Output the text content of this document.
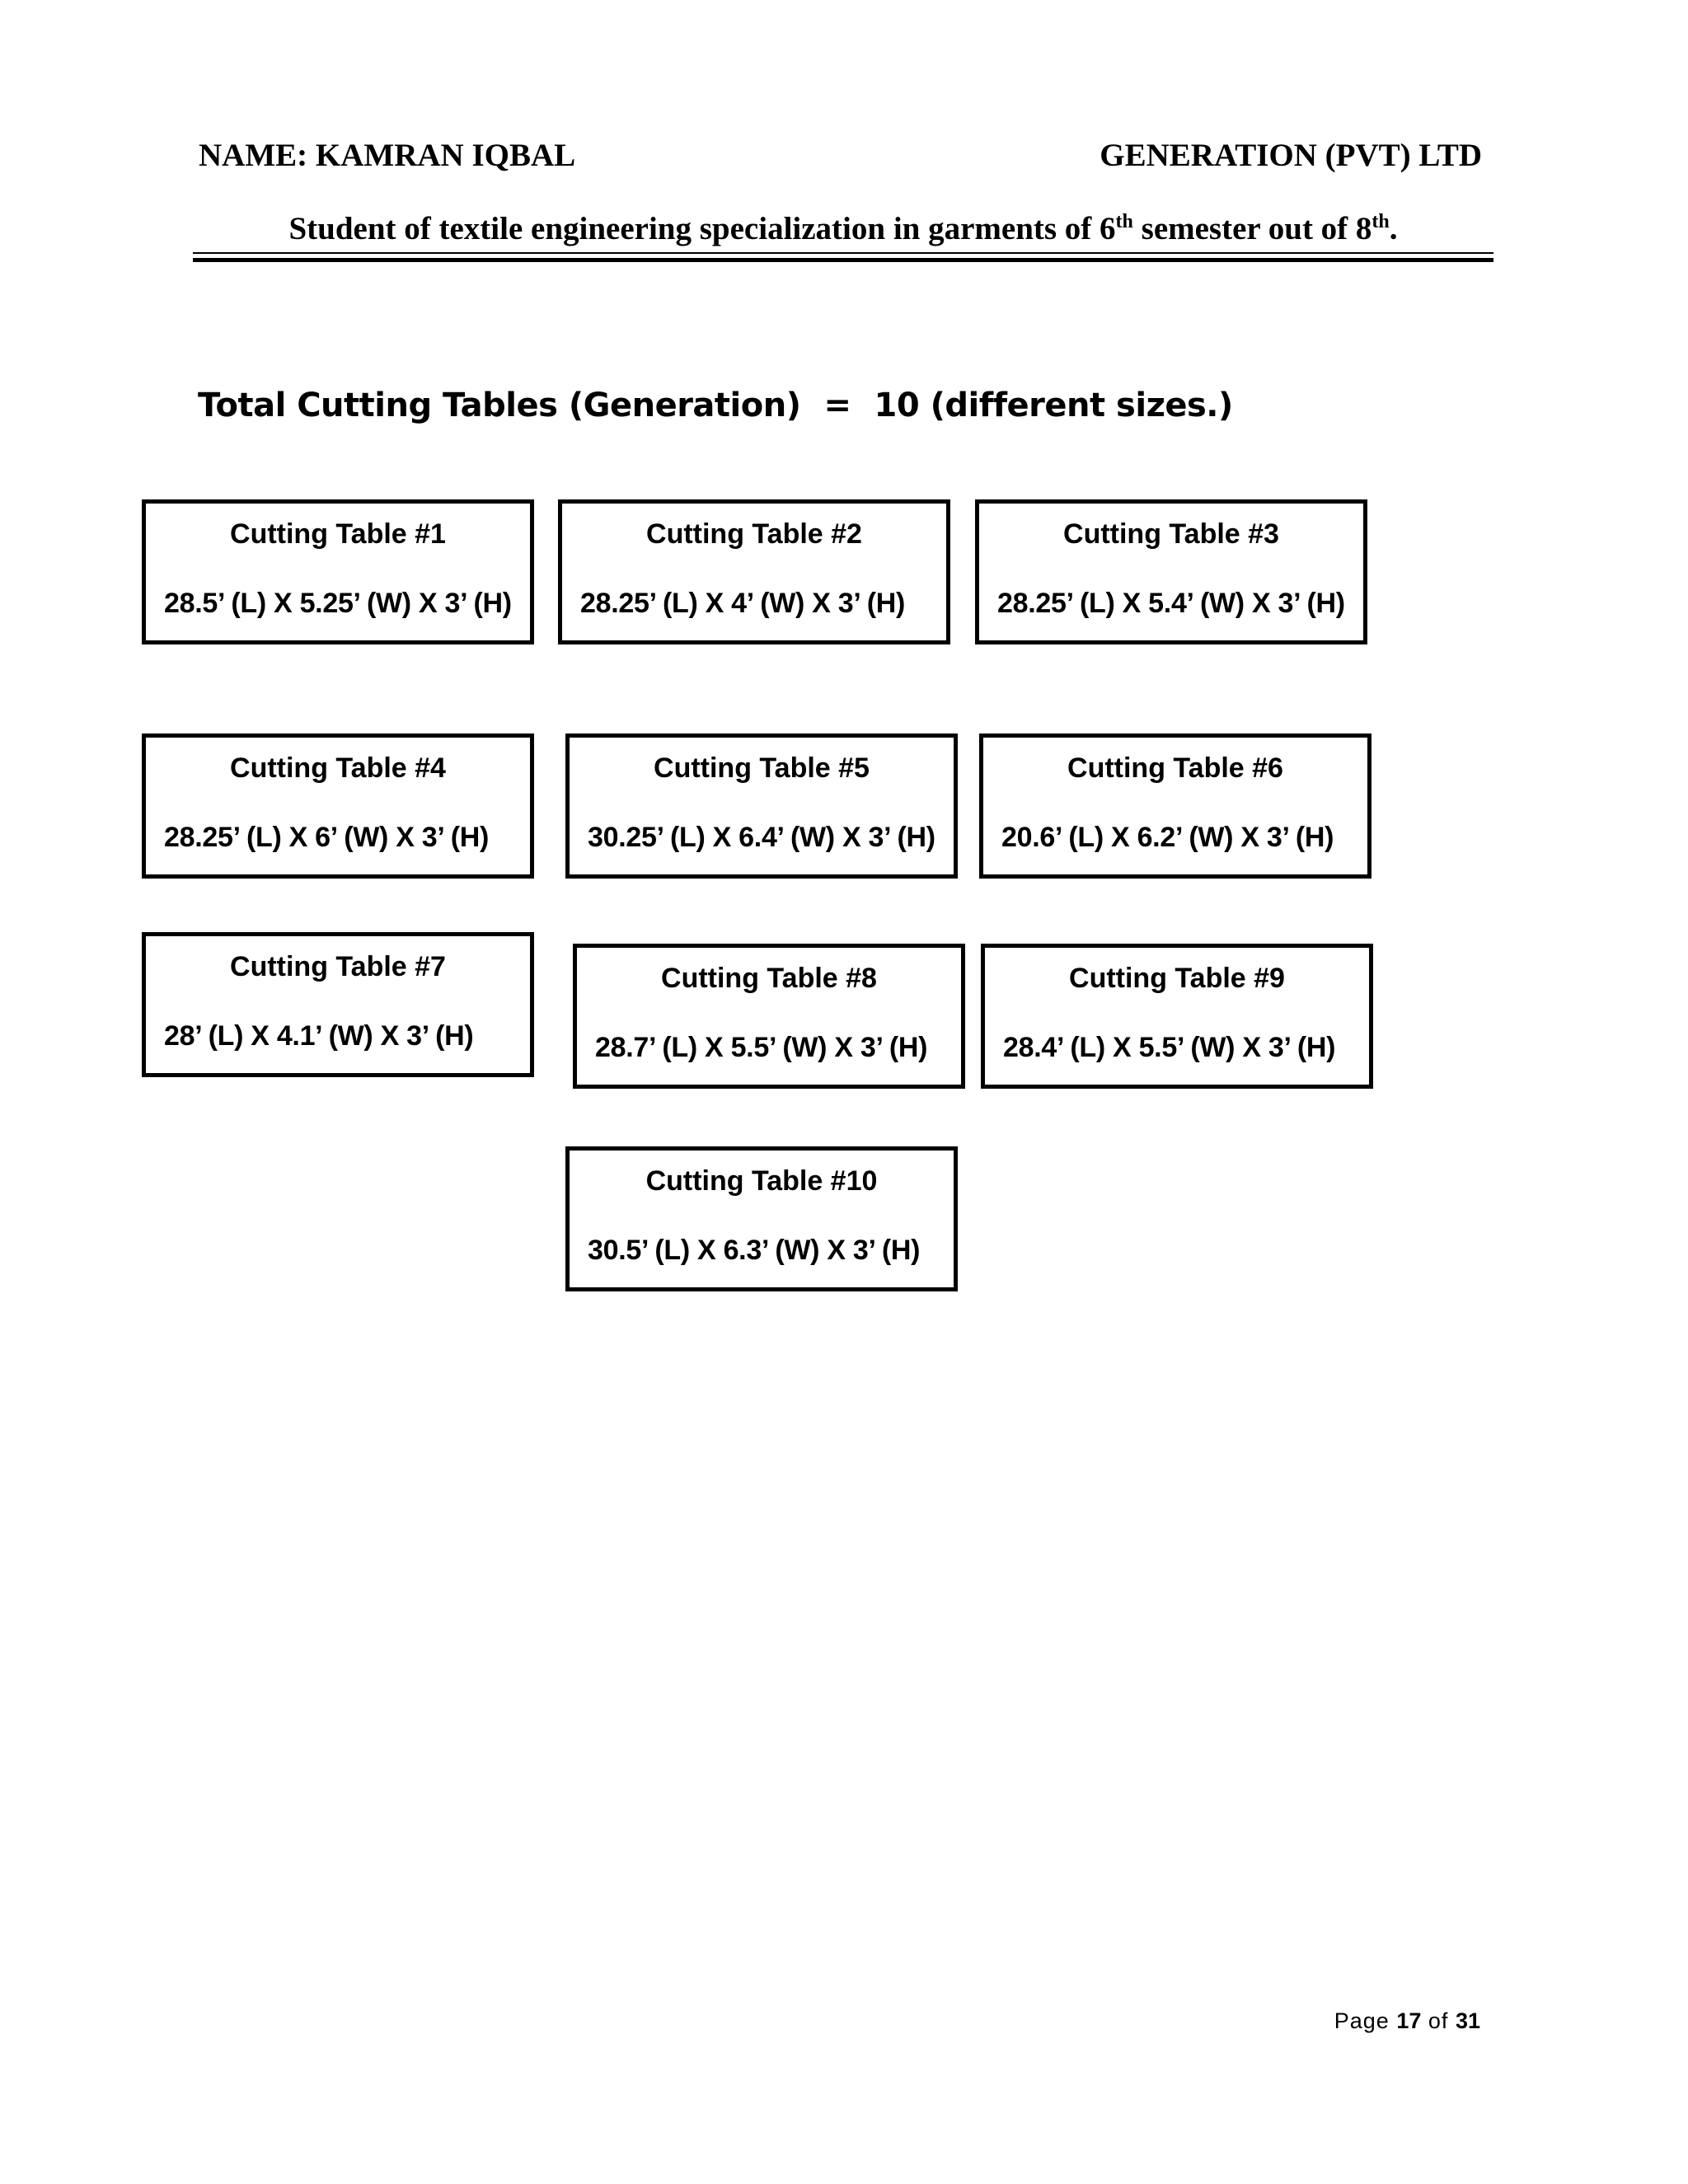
NAME: KAMRAN IQBAL	GENERATION (PVT) LTD
Student of textile engineering specialization in garments of 6th semester out of 8th.
Total Cutting Tables (Generation) = 10 (different sizes.)
Cutting Table #1
28.5’ (L) X 5.25’ (W) X 3’ (H)
Cutting Table #2
28.25’ (L) X 4’ (W) X 3’ (H)
Cutting Table #3
28.25’ (L) X 5.4’ (W) X 3’ (H)
Cutting Table #4
28.25’ (L) X 6’ (W) X 3’ (H)
Cutting Table #5
30.25’ (L) X 6.4’ (W) X 3’ (H)
Cutting Table #6
20.6’ (L) X 6.2’ (W) X 3’ (H)
Cutting Table #7
28’ (L) X 4.1’ (W) X 3’ (H)
Cutting Table #8
28.7’ (L) X 5.5’ (W) X 3’ (H)
Cutting Table #9
28.4’ (L) X 5.5’ (W) X 3’ (H)
Cutting Table #10
30.5’ (L) X 6.3’ (W) X 3’ (H)
Page 17 of 31
